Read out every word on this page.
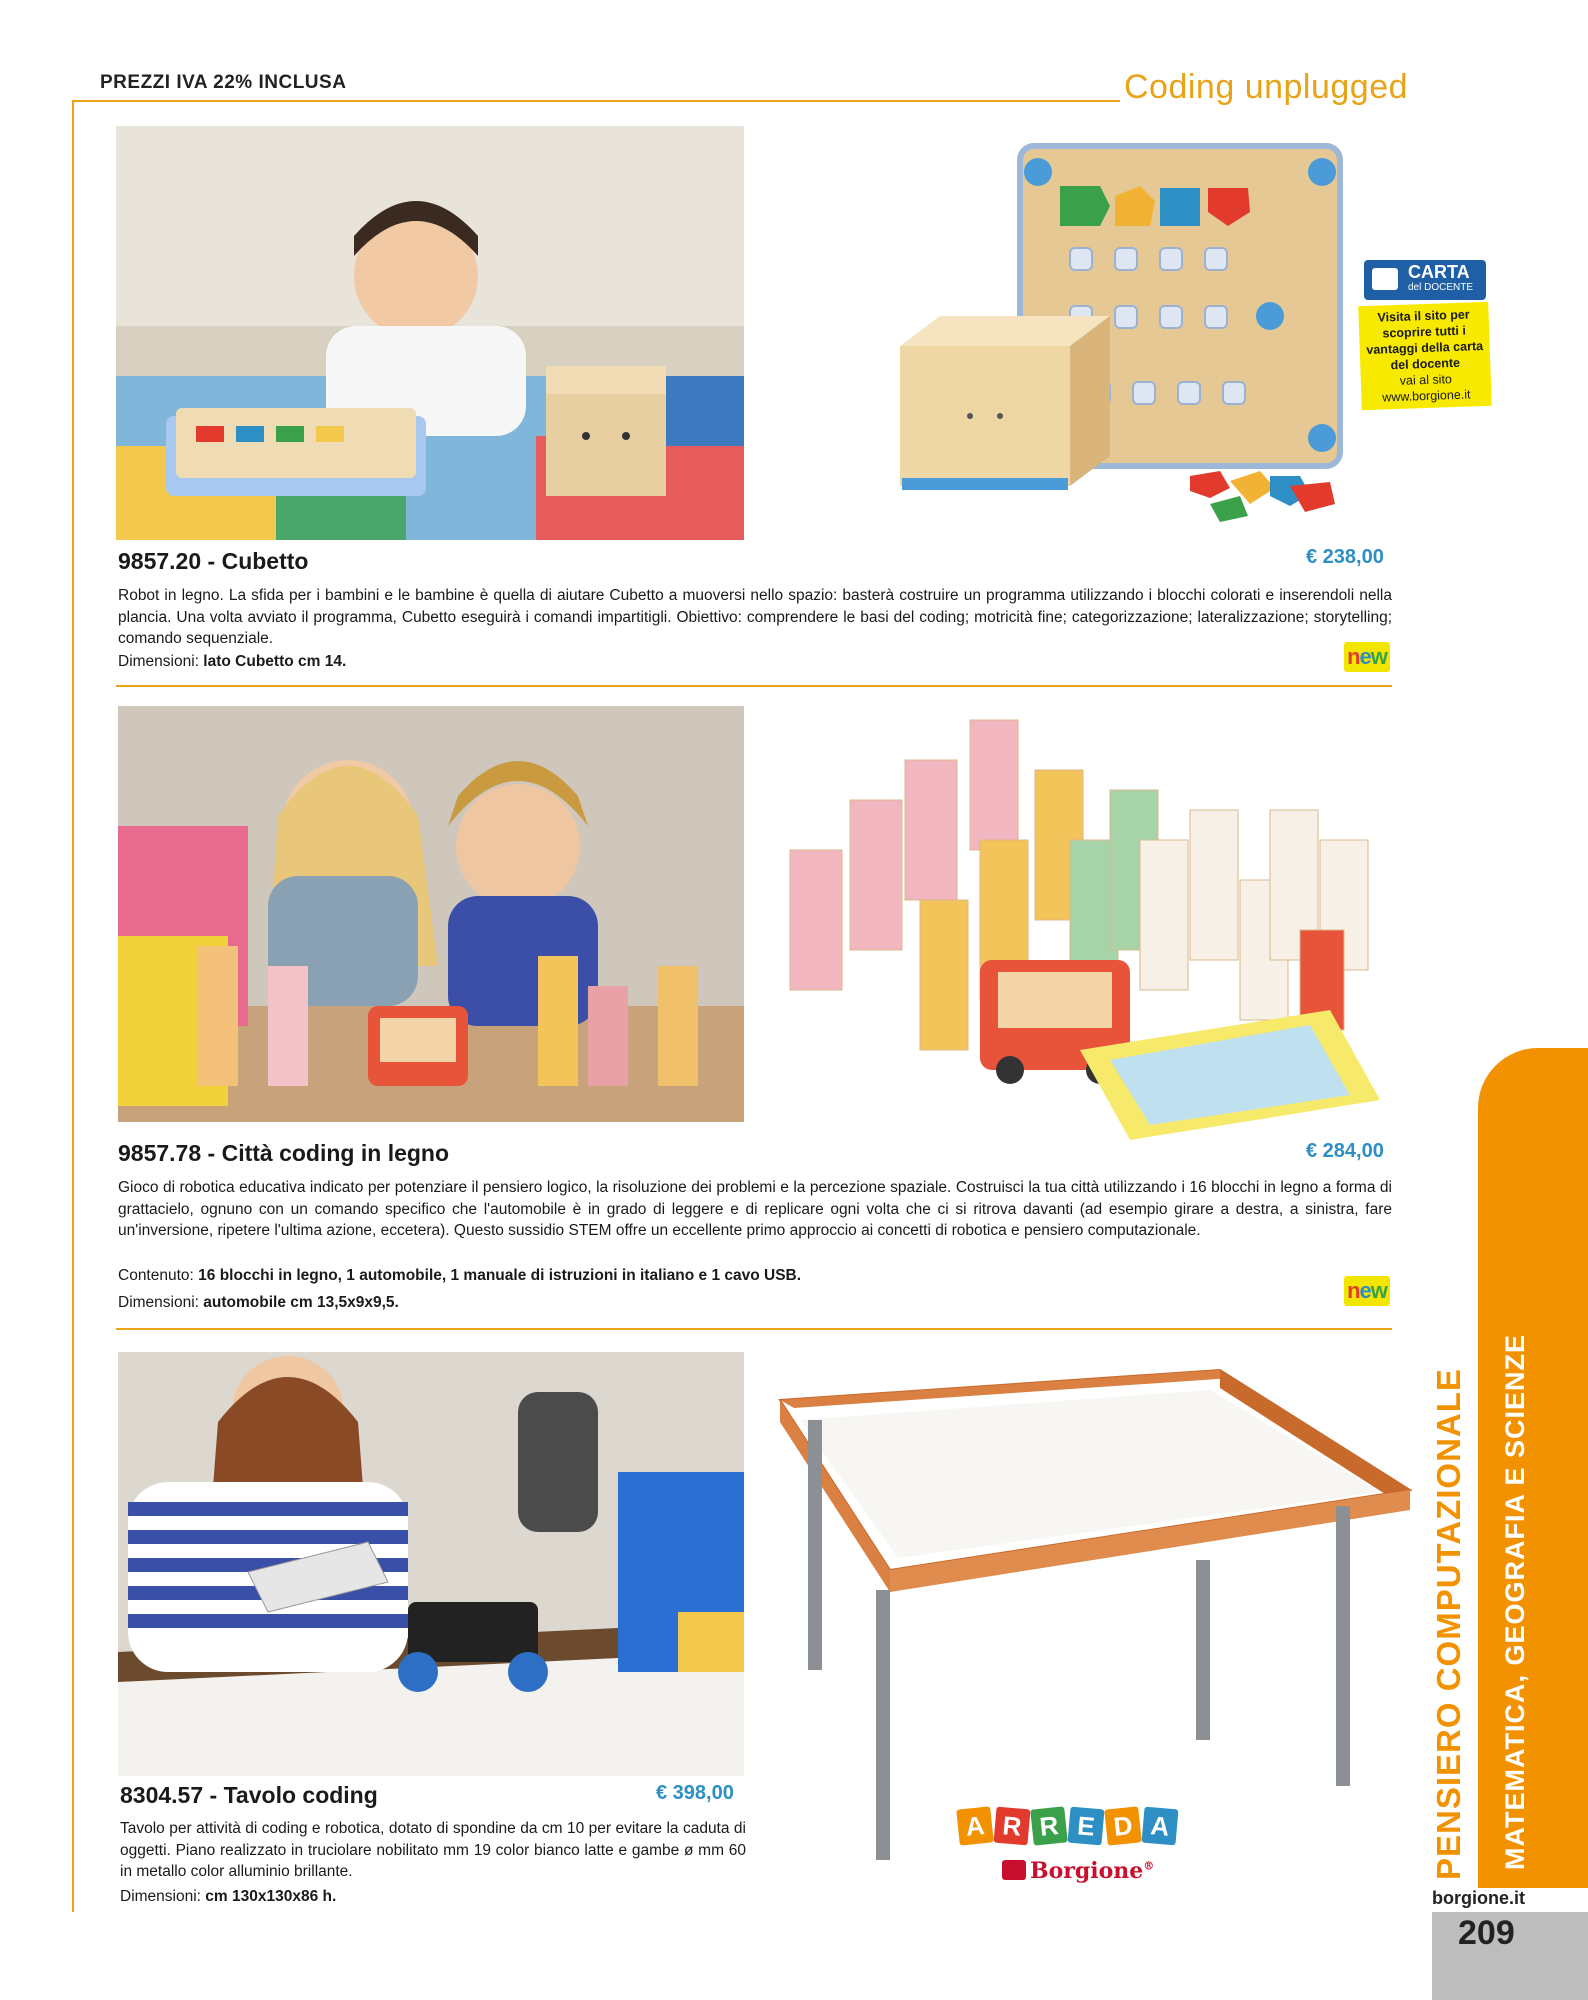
PREZZI IVA 22% INCLUSA	Coding unplugged
CARTA
del DOCENTE
Visita il sito per scoprire tutti i vantaggi della carta del docente
vai al sito www.borgione.it
9857.20 - Cubetto	€ 238,00
Robot in legno. La sfida per i bambini e le bambine è quella di aiutare Cubetto a muoversi nello spazio: basterà costruire un programma utilizzando i blocchi colorati e inserendoli nella plancia. Una volta avviato il programma, Cubetto eseguirà i comandi impartitigli. Obiettivo: comprendere le basi del coding; motricità fine; categorizzazione; lateralizzazione; storytelling; comando sequenziale.
Dimensioni: lato Cubetto cm 14.	new
9857.78 - Città coding in legno	€ 284,00
Gioco di robotica educativa indicato per potenziare il pensiero logico, la risoluzione dei problemi e la percezione spaziale. Costruisci la tua città utilizzando i 16 blocchi in legno a forma di grattacielo, ognuno con un comando specifico che l'automobile è in grado di leggere e di replicare ogni volta che ci si ritrova davanti (ad esempio girare a destra, a sinistra, fare un'inversione, ripetere l'ultima azione, eccetera). Questo sussidio STEM offre un eccellente primo approccio ai concetti di robotica e pensiero computazionale.
Contenuto: 16 blocchi in legno, 1 automobile, 1 manuale di istruzioni in italiano e 1 cavo USB.
Dimensioni: automobile cm 13,5x9x9,5.	new
8304.57 - Tavolo coding	€ 398,00
Tavolo per attività di coding e robotica, dotato di spondine da cm 10 per evitare la caduta di oggetti. Piano realizzato in truciolare nobilitato mm 19 color bianco latte e gambe ø mm 60 in metallo color alluminio brillante.
Dimensioni: cm 130x130x86 h.
A R R E D A
Borgione®	PENSIERO COMPUTAZIONALE MATEMATICA, GEOGRAFIA E SCIENZE
borgione.it
209
